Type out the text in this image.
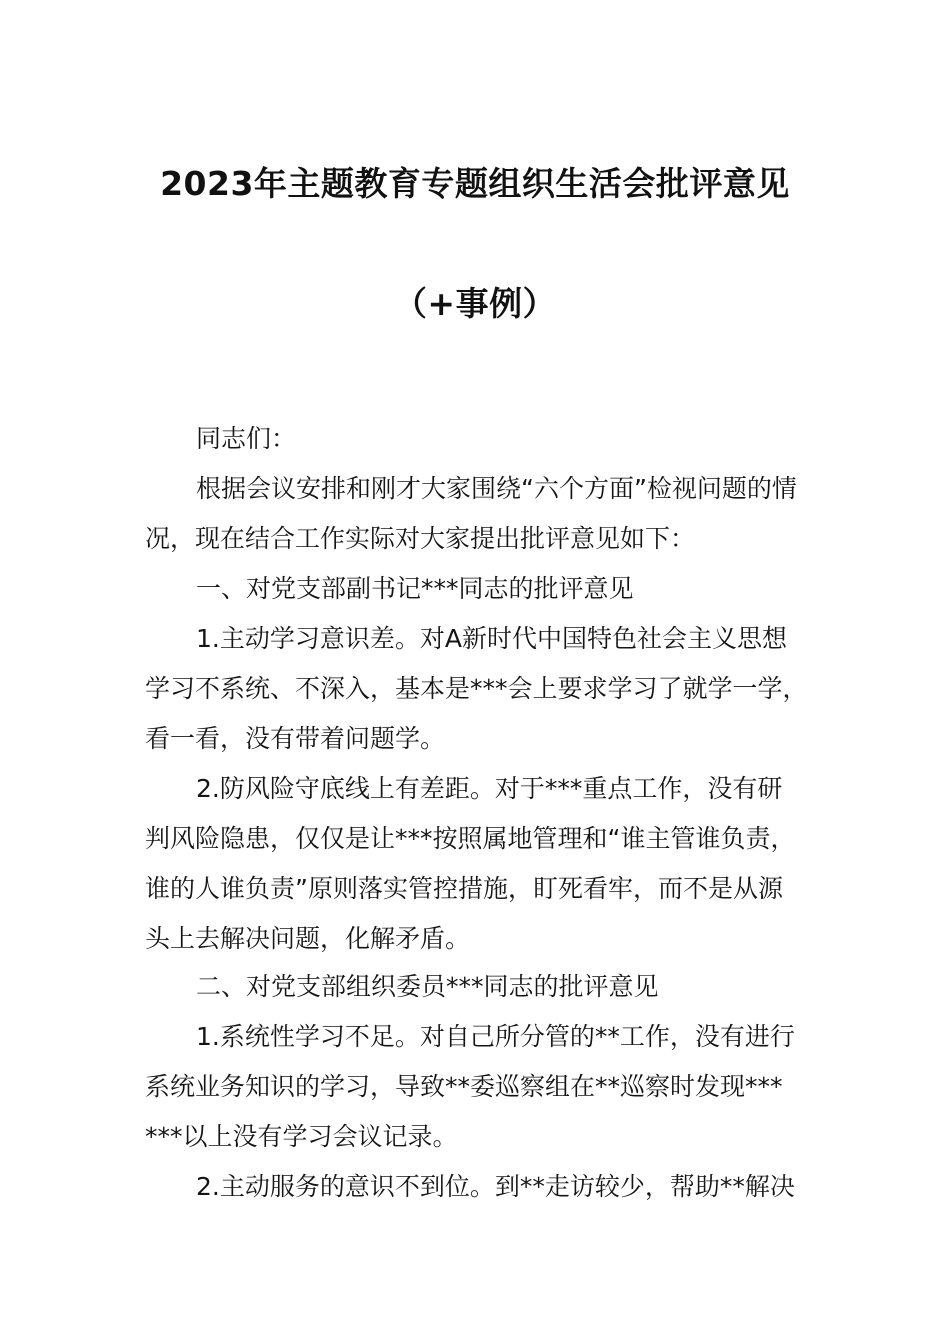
2023年主题教育专题组织生活会批评意见
（+事例）
同志们：
根据会议安排和刚才大家围绕“六个方面”检视问题的情
况，现在结合工作实际对大家提出批评意见如下：
一、对党支部副书记***同志的批评意见
1.主动学习意识差。对A新时代中国特色社会主义思想
学习不系统、不深入，基本是***会上要求学习了就学一学，
看一看，没有带着问题学。
2.防风险守底线上有差距。对于***重点工作，没有研
判风险隐患，仅仅是让***按照属地管理和“谁主管谁负责，
谁的人谁负责”原则落实管控措施，盯死看牢，而不是从源
头上去解决问题，化解矛盾。
二、对党支部组织委员***同志的批评意见
1.系统性学习不足。对自己所分管的**工作，没有进行
系统业务知识的学习，导致**委巡察组在**巡察时发现***
***以上没有学习会议记录。
2.主动服务的意识不到位。到**走访较少，帮助**解决
